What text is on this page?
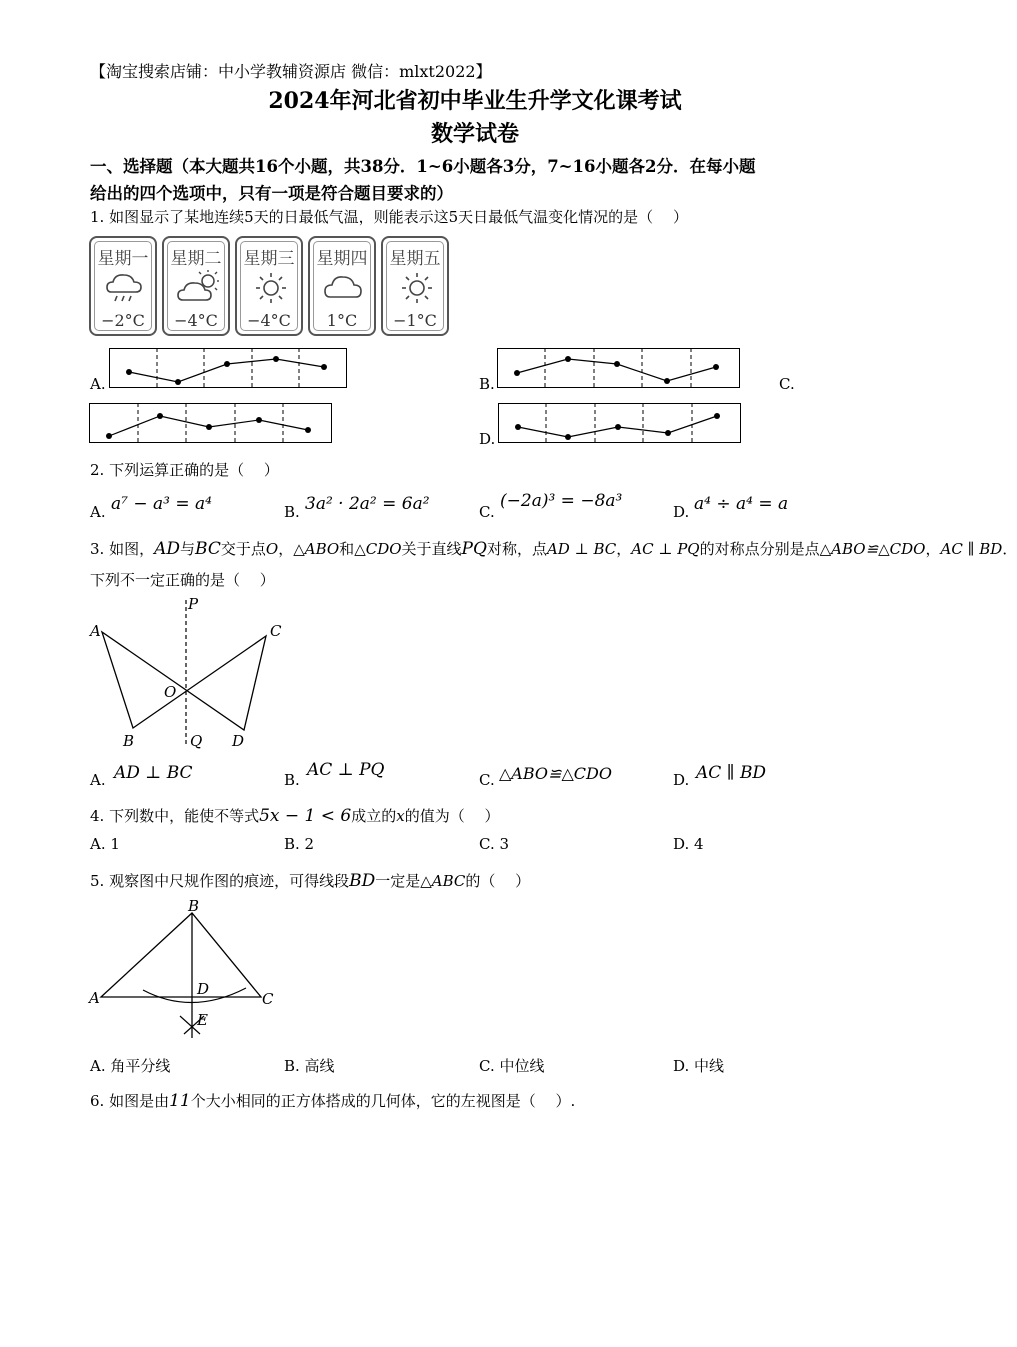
【淘宝搜索店铺：中小学教辅资源店 微信：mlxt2022】
2024年河北省初中毕业生升学文化课考试
数学试卷
一、选择题（本大题共16个小题，共38分．1~6小题各3分，7~16小题各2分．在每小题
给出的四个选项中，只有一项是符合题目要求的）
1. 如图显示了某地连续5天的日最低气温，则能表示这5天日最低气温变化情况的是（　 ）
星期一
−2°C
星期二
−4°C
星期三
−4°C
星期四
1°C
星期五
−1°C
A.	B.	C.
D.
2. 下列运算正确的是（　 ）
A. a⁷ − a³ = a⁴	B. 3a² · 2a² = 6a²	C.
(−2a)³ = −8a³
D. a⁴ ÷ a⁴ = a
3. 如图，AD与BC交于点O，△ABO和△CDO关于直线PQ对称，点AD ⊥ BC，AC ⊥ PQ的对称点分别是点△ABO≌△CDO，AC ∥ BD．
下列不一定正确的是（　 ）
P
A	C
O
B	Q D
A. AD ⊥ BC	B. AC ⊥ PQ	C. △ABO≌△CDO	D. AC ∥ BD
4. 下列数中，能使不等式5x − 1 < 6成立的x的值为（　 ）
A. 1	B. 2	C. 3	D. 4
5. 观察图中尺规作图的痕迹，可得线段BD一定是△ABC的（　 ）
B
A	D
C
E
A. 角平分线	B. 高线	C. 中位线	D. 中线
6. 如图是由11个大小相同的正方体搭成的几何体，它的左视图是（　 ）.
